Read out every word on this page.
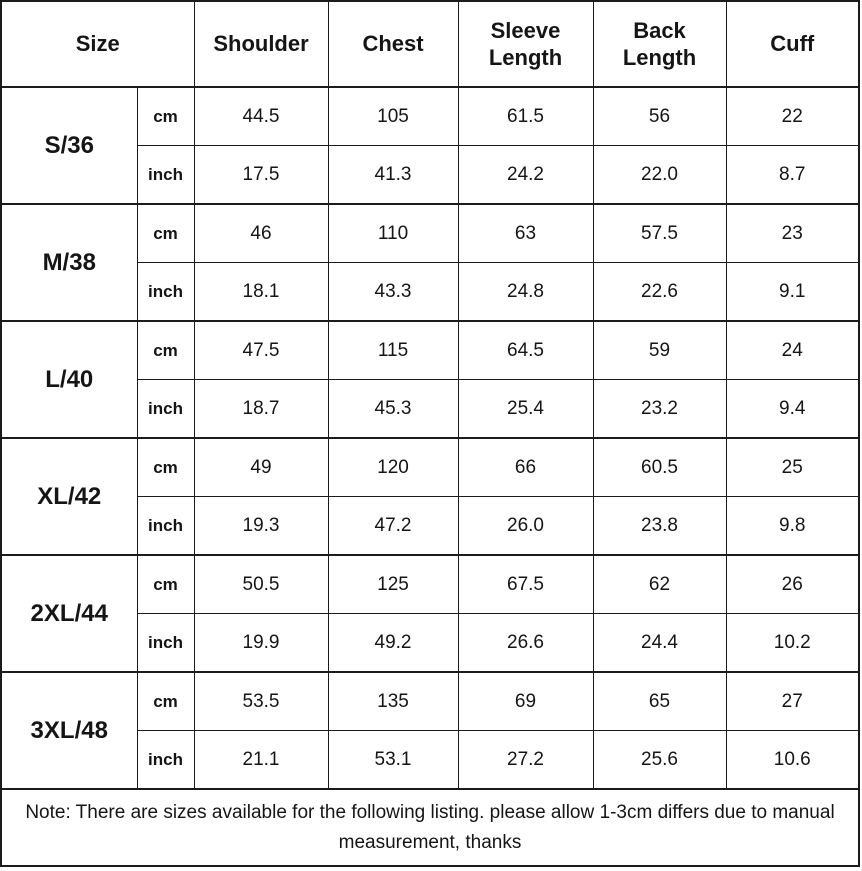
Size		Shoulder	Chest	Sleeve Length	Back Length	Cuff
S/36	cm	44.5	105	61.5	56	22
	inch	17.5	41.3	24.2	22.0	8.7
M/38	cm	46	110	63	57.5	23
	inch	18.1	43.3	24.8	22.6	9.1
L/40	cm	47.5	115	64.5	59	24
	inch	18.7	45.3	25.4	23.2	9.4
XL/42	cm	49	120	66	60.5	25
	inch	19.3	47.2	26.0	23.8	9.8
2XL/44	cm	50.5	125	67.5	62	26
	inch	19.9	49.2	26.6	24.4	10.2
3XL/48	cm	53.5	135	69	65	27
	inch	21.1	53.1	27.2	25.6	10.6
Note: There are sizes available for the following listing. please allow 1-3cm differs due to manual measurement, thanks						
